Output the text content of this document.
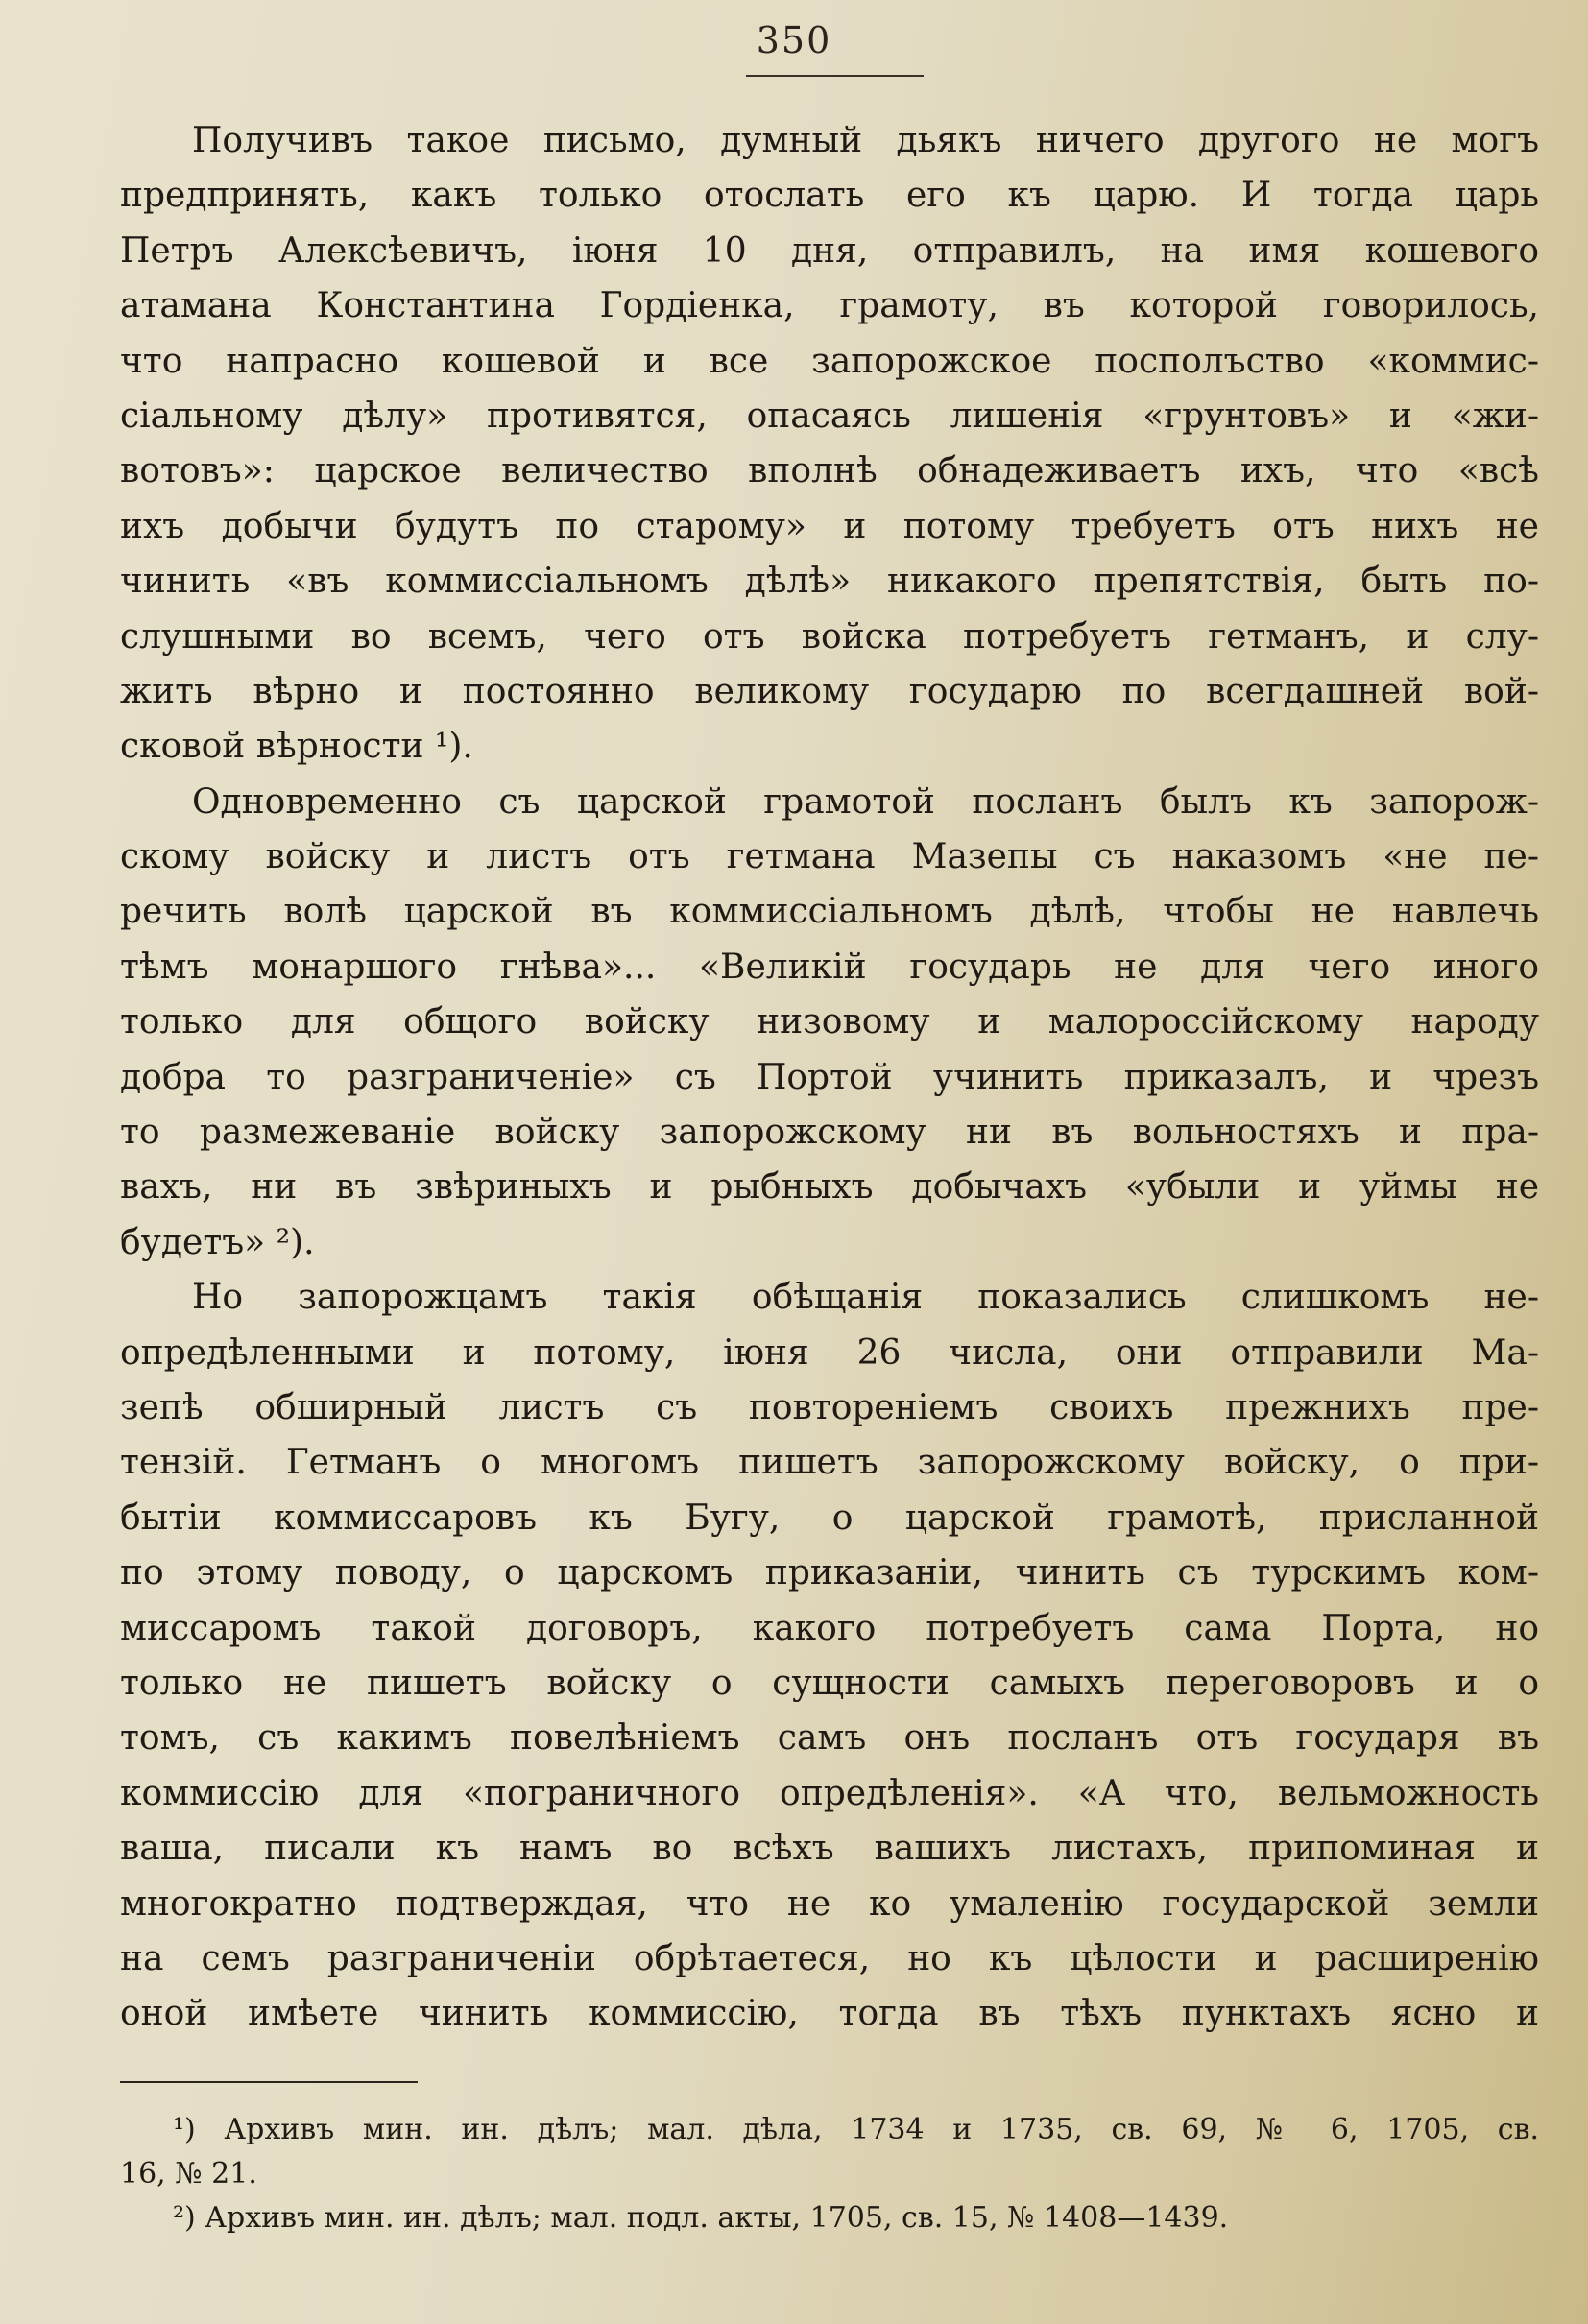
350
Получивъ такое письмо, думный дьякъ ничего другого не могъ
предпринять, какъ только отослать его къ царю. И тогда царь
Петръ Алексѣевичъ, іюня 10 дня, отправилъ, на имя кошевого
атамана Константина Гордіенка, грамоту, въ которой говорилось,
что напрасно кошевой и все запорожское посполъство «коммис-
сіальному дѣлу» противятся, опасаясь лишенія «грунтовъ» и «жи-
вотовъ»: царское величество вполнѣ обнадеживаетъ ихъ, что «всѣ
ихъ добычи будутъ по старому» и потому требуетъ отъ нихъ не
чинить «въ коммиссіальномъ дѣлѣ» никакого препятствія, быть по-
слушными во всемъ, чего отъ войска потребуетъ гетманъ, и слу-
жить вѣрно и постоянно великому государю по всегдашней вой-
сковой вѣрности ¹).
Одновременно съ царской грамотой посланъ былъ къ запорож-
скому войску и листъ отъ гетмана Мазепы съ наказомъ «не пе-
речить волѣ царской въ коммиссіальномъ дѣлѣ, чтобы не навлечь
тѣмъ монаршого гнѣва»... «Великій государь не для чего иного
только для общого войску низовому и малороссійскому народу
добра то разграниченіе» съ Портой учинить приказалъ, и чрезъ
то размежеваніе войску запорожскому ни въ вольностяхъ и пра-
вахъ, ни въ звѣриныхъ и рыбныхъ добычахъ «убыли и уймы не
будетъ» ²).
Но запорожцамъ такія обѣщанія показались слишкомъ не-
опредѣленными и потому, іюня 26 числа, они отправили Ма-
зепѣ обширный листъ съ повтореніемъ своихъ прежнихъ пре-
тензій. Гетманъ о многомъ пишетъ запорожскому войску, о при-
бытіи коммиссаровъ къ Бугу, о царской грамотѣ, присланной
по этому поводу, о царскомъ приказаніи, чинить съ турскимъ ком-
миссаромъ такой договоръ, какого потребуетъ сама Порта, но
только не пишетъ войску о сущности самыхъ переговоровъ и о
томъ, съ какимъ повелѣніемъ самъ онъ посланъ отъ государя въ
коммиссію для «пограничного опредѣленія». «А что, вельможность
ваша, писали къ намъ во всѣхъ вашихъ листахъ, припоминая и
многократно подтверждая, что не ко умаленію государской земли
на семъ разграниченіи обрѣтаетеся, но къ цѣлости и расширенію
оной имѣете чинить коммиссію, тогда въ тѣхъ пунктахъ ясно и
¹) Архивъ мин. ин. дѣлъ; мал. дѣла, 1734 и 1735, св. 69, № 6, 1705, св.
16, № 21.
²) Архивъ мин. ин. дѣлъ; мал. подл. акты, 1705, св. 15, № 1408—1439.
